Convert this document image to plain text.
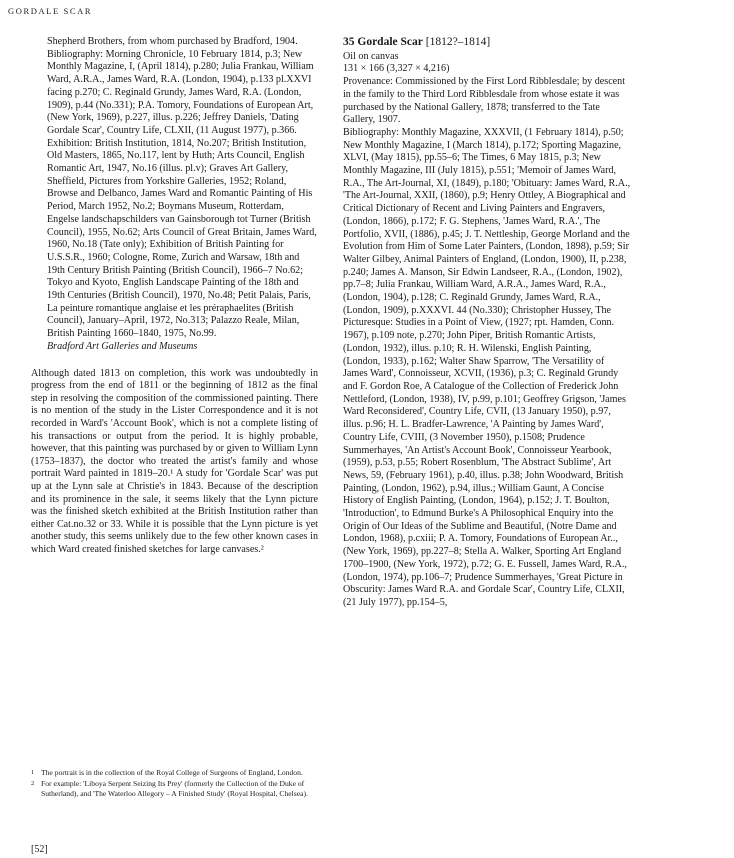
GORDALE SCAR

Shepherd Brothers, from whom purchased by Bradford, 1904.

Bibliography: Morning Chronicle, 10 February 1814, p.3; New Monthly Magazine, I, (April 1814), p.280; Julia Frankau, William Ward, A.R.A., James Ward, R.A. (London, 1904), p.133 pl.XXVI facing p.270; C. Reginald Grundy, James Ward, R.A. (London, 1909), p.44 (No.331); P.A. Tomory, Foundations of European Art, (New York, 1969), p.227, illus. p.226; Jeffrey Daniels, 'Dating Gordale Scar', Country Life, CLXII, (11 August 1977), p.366.

Exhibition: British Institution, 1814, No.207; British Institution, Old Masters, 1865, No.117, lent by Huth; Arts Council, English Romantic Art, 1947, No.16 (illus. pl.v); Graves Art Gallery, Sheffield, Pictures from Yorkshire Galleries, 1952; Roland, Browse and Delbanco, James Ward and Romantic Painting of His Period, March 1952, No.2; Boymans Museum, Rotterdam, Engelse landschapschilders van Gainsborough tot Turner (British Council), 1955, No.62; Arts Council of Great Britain, James Ward, 1960, No.18 (Tate only); Exhibition of British Painting for U.S.S.R., 1960; Cologne, Rome, Zurich and Warsaw, 18th and 19th Century British Painting (British Council), 1966–7 No.62; Tokyo and Kyoto, English Landscape Painting of the 18th and 19th Centuries (British Council), 1970, No.48; Petit Palais, Paris, La peinture romantique anglaise et les préraphaelites (British Council), January–April, 1972, No.313; Palazzo Reale, Milan, British Painting 1660–1840, 1975, No.99.

Bradford Art Galleries and Museums

Although dated 1813 on completion, this work was undoubtedly in progress from the end of 1811 or the beginning of 1812 as the final step in resolving the composition of the commissioned painting. There is no mention of the study in the Lister Correspondence and it is not recorded in Ward's 'Account Book', which is not a complete listing of his transactions or output from the period. It is highly probable, however, that this painting was purchased by or given to William Lynn (1753–1837), the doctor who treated the artist's family and whose portrait Ward painted in 1819–20.¹ A study for 'Gordale Scar' was put up at the Lynn sale at Christie's in 1843. Because of the description and its prominence in the sale, it seems likely that the Lynn picture was the finished sketch exhibited at the British Institution rather than either Cat.no.32 or 33. While it is possible that the Lynn picture is yet another study, this seems unlikely due to the few other known cases in which Ward created finished sketches for large canvases.²
35 Gordale Scar [1812?–1814]

Oil on canvas

131 × 166 (3,327 × 4,216)

Provenance: Commissioned by the First Lord Ribblesdale; by descent in the family to the Third Lord Ribblesdale from whose estate it was purchased by the National Gallery, 1878; transferred to the Tate Gallery, 1907.

Bibliography: Monthly Magazine, XXXVII, (1 February 1814), p.50; New Monthly Magazine, I (March 1814), p.172; Sporting Magazine, XLVI, (May 1815), pp.55–6; The Times, 6 May 1815, p.3; New Monthly Magazine, III (July 1815), p.551; 'Memoir of James Ward, R.A., The Art-Journal, XI, (1849), p.180; 'Obituary: James Ward, R.A., 'The Art-Journal, XXII, (1860), p.9; Henry Ottley, A Biographical and Critical Dictionary of Recent and Living Painters and Engravers, (London, 1866), p.172; F. G. Stephens, 'James Ward, R.A.', The Portfolio, XVII, (1886), p.45; J. T. Nettleship, George Morland and the Evolution from Him of Some Later Painters, (London, 1898), p.59; Sir Walter Gilbey, Animal Painters of England, (London, 1900), II, p.238, p.240; James A. Manson, Sir Edwin Landseer, R.A., (London, 1902), pp.7–8; Julia Frankau, William Ward, A.R.A., James Ward, R.A., (London, 1904), p.128; C. Reginald Grundy, James Ward, R.A., (London, 1909), p.XXXVI. 44 (No.330); Christopher Hussey, The Picturesque: Studies in a Point of View, (1927; rpt. Hamden, Conn. 1967), p.109 note, p.270; John Piper, British Romantic Artists, (London, 1932), illus. p.10; R. H. Wilenski, English Painting, (London, 1933), p.162; Walter Shaw Sparrow, 'The Versatility of James Ward', Connoisseur, XCVII, (1936), p.3; C. Reginald Grundy and F. Gordon Roe, A Catalogue of the Collection of Frederick John Nettleford, (London, 1938), IV, p.99, p.101; Geoffrey Grigson, 'James Ward Reconsidered', Country Life, CVII, (13 January 1950), p.97, illus. p.96; H. L. Bradfer-Lawrence, 'A Painting by James Ward', Country Life, CVIII, (3 November 1950), p.1508; Prudence Summerhayes, 'An Artist's Account Book', Connoisseur Yearbook, (1959), p.53, p.55; Robert Rosenblum, 'The Abstract Sublime', Art News, 59, (February 1961), p.40, illus. p.38; John Woodward, British Painting, (London, 1962), p.94, illus.; William Gaunt, A Concise History of English Painting, (London, 1964), p.152; J. T. Boulton, 'Introduction', to Edmund Burke's A Philosophical Enquiry into the Origin of Our Ideas of the Sublime and Beautiful, (Notre Dame and London, 1968), p.cxiii; P. A. Tomory, Foundations of European Ar.., (New York, 1969), pp.227–8; Stella A. Walker, Sporting Art England 1700–1900, (New York, 1972), p.72; G. E. Fussell, James Ward, R.A., (London, 1974), pp.106–7; Prudence Summerhayes, 'Great Picture in Obscurity: James Ward R.A. and Gordale Scar', Country Life, CLXII, (21 July 1977), pp.154–5,

1 The portrait is in the collection of the Royal College of Surgeons of England, London.
2 For example: 'Liboya Serpent Seizing Its Prey' (formerly the Collection of the Duke of Sutherland), and 'The Waterloo Allegory – A Finished Study' (Royal Hospital, Chelsea).
[52]
